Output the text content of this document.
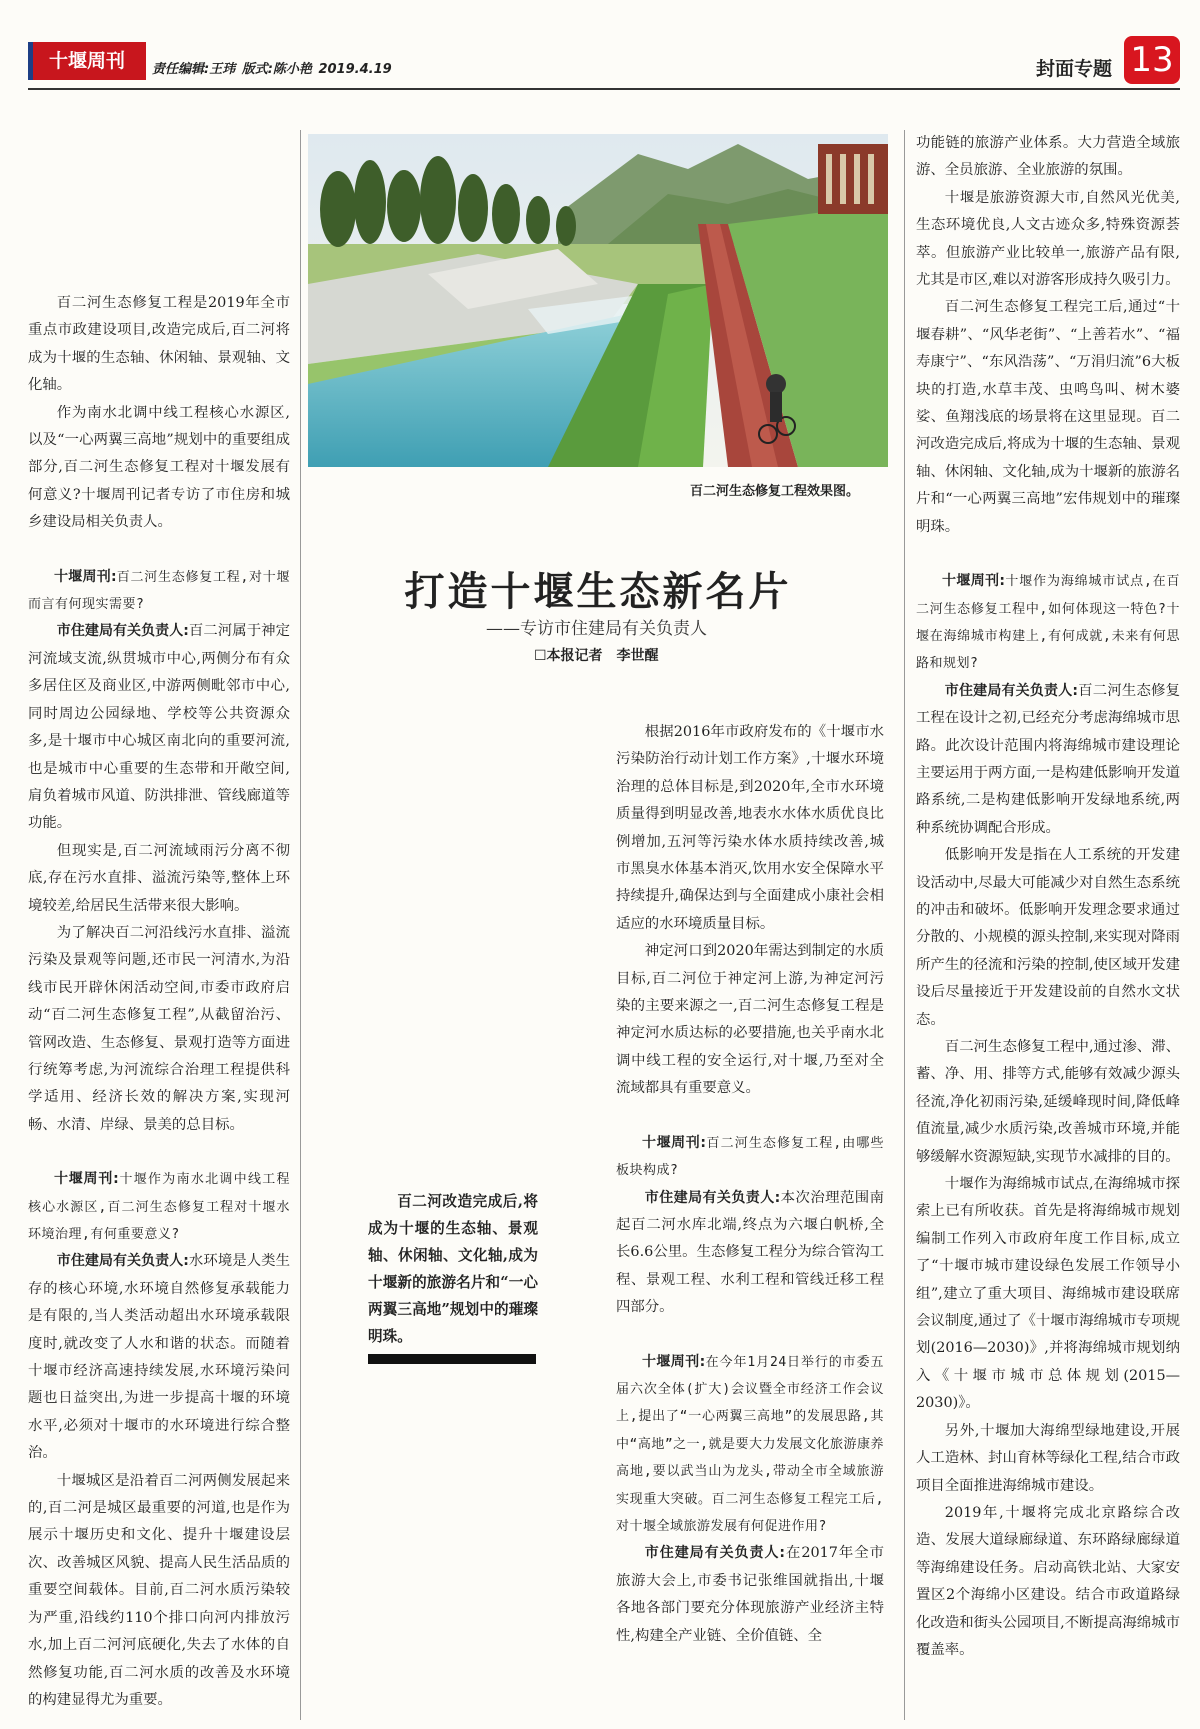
十堰周刊	责任编辑:王玮 版式:陈小艳 2019.4.19	封面专题 13

百二河生态修复工程是2019年全市重点市政建设项目,改造完成后,百二河将成为十堰的生态轴、休闲轴、景观轴、文化轴。

作为南水北调中线工程核心水源区,以及“一心两翼三高地”规划中的重要组成部分,百二河生态修复工程对十堰发展有何意义?十堰周刊记者专访了市住房和城乡建设局相关负责人。

十堰周刊:百二河生态修复工程,对十堰而言有何现实需要?

市住建局有关负责人:百二河属于神定河流域支流,纵贯城市中心,两侧分布有众多居住区及商业区,中游两侧毗邻市中心,同时周边公园绿地、学校等公共资源众多,是十堰市中心城区南北向的重要河流,也是城市中心重要的生态带和开敞空间,肩负着城市风道、防洪排泄、管线廊道等功能。

但现实是,百二河流域雨污分离不彻底,存在污水直排、溢流污染等,整体上环境较差,给居民生活带来很大影响。

为了解决百二河沿线污水直排、溢流污染及景观等问题,还市民一河清水,为沿线市民开辟休闲活动空间,市委市政府启动“百二河生态修复工程”,从截留治污、管网改造、生态修复、景观打造等方面进行统筹考虑,为河流综合治理工程提供科学适用、经济长效的解决方案,实现河畅、水清、岸绿、景美的总目标。

十堰周刊:十堰作为南水北调中线工程核心水源区,百二河生态修复工程对十堰水环境治理,有何重要意义?

市住建局有关负责人:水环境是人类生存的核心环境,水环境自然修复承载能力是有限的,当人类活动超出水环境承载限度时,就改变了人水和谐的状态。而随着十堰市经济高速持续发展,水环境污染问题也日益突出,为进一步提高十堰的环境水平,必须对十堰市的水环境进行综合整治。

十堰城区是沿着百二河两侧发展起来的,百二河是城区最重要的河道,也是作为展示十堰历史和文化、提升十堰建设层次、改善城区风貌、提高人民生活品质的重要空间载体。目前,百二河水质污染较为严重,沿线约110个排口向河内排放污水,加上百二河河底硬化,失去了水体的自然修复功能,百二河水质的改善及水环境的构建显得尤为重要。

百二河生态修复工程效果图。
打造十堰生态新名片
——专访市住建局有关负责人
☐本报记者　李世醒

百二河改造完成后,将成为十堰的生态轴、景观轴、休闲轴、文化轴,成为十堰新的旅游名片和“一心两翼三高地”规划中的璀璨明珠。

根据2016年市政府发布的《十堰市水污染防治行动计划工作方案》,十堰水环境治理的总体目标是,到2020年,全市水环境质量得到明显改善,地表水水体水质优良比例增加,五河等污染水体水质持续改善,城市黑臭水体基本消灭,饮用水安全保障水平持续提升,确保达到与全面建成小康社会相适应的水环境质量目标。

神定河口到2020年需达到制定的水质目标,百二河位于神定河上游,为神定河污染的主要来源之一,百二河生态修复工程是神定河水质达标的必要措施,也关乎南水北调中线工程的安全运行,对十堰,乃至对全流域都具有重要意义。

十堰周刊:百二河生态修复工程,由哪些板块构成?

市住建局有关负责人:本次治理范围南起百二河水库北端,终点为六堰白帆桥,全长6.6公里。生态修复工程分为综合管沟工程、景观工程、水利工程和管线迁移工程四部分。

十堰周刊:在今年1月24日举行的市委五届六次全体(扩大)会议暨全市经济工作会议上,提出了“一心两翼三高地”的发展思路,其中“高地”之一,就是要大力发展文化旅游康养高地,要以武当山为龙头,带动全市全域旅游实现重大突破。百二河生态修复工程完工后,对十堰全域旅游发展有何促进作用?

市住建局有关负责人:在2017年全市旅游大会上,市委书记张维国就指出,十堰各地各部门要充分体现旅游产业经济主特性,构建全产业链、全价值链、全

功能链的旅游产业体系。大力营造全域旅游、全员旅游、全业旅游的氛围。

十堰是旅游资源大市,自然风光优美,生态环境优良,人文古迹众多,特殊资源荟萃。但旅游产业比较单一,旅游产品有限,尤其是市区,难以对游客形成持久吸引力。

百二河生态修复工程完工后,通过“十堰春耕”、“风华老街”、“上善若水”、“福寿康宁”、“东风浩荡”、“万涓归流”6大板块的打造,水草丰茂、虫鸣鸟叫、树木婆娑、鱼翔浅底的场景将在这里显现。百二河改造完成后,将成为十堰的生态轴、景观轴、休闲轴、文化轴,成为十堰新的旅游名片和“一心两翼三高地”宏伟规划中的璀璨明珠。

十堰周刊:十堰作为海绵城市试点,在百二河生态修复工程中,如何体现这一特色?十堰在海绵城市构建上,有何成就,未来有何思路和规划?

市住建局有关负责人:百二河生态修复工程在设计之初,已经充分考虑海绵城市思路。此次设计范围内将海绵城市建设理论主要运用于两方面,一是构建低影响开发道路系统,二是构建低影响开发绿地系统,两种系统协调配合形成。

低影响开发是指在人工系统的开发建设活动中,尽最大可能减少对自然生态系统的冲击和破坏。低影响开发理念要求通过分散的、小规模的源头控制,来实现对降雨所产生的径流和污染的控制,使区域开发建设后尽量接近于开发建设前的自然水文状态。

百二河生态修复工程中,通过渗、滞、蓄、净、用、排等方式,能够有效减少源头径流,净化初雨污染,延缓峰现时间,降低峰值流量,减少水质污染,改善城市环境,并能够缓解水资源短缺,实现节水减排的目的。

十堰作为海绵城市试点,在海绵城市探索上已有所收获。首先是将海绵城市规划编制工作列入市政府年度工作目标,成立了“十堰市城市建设绿色发展工作领导小组”,建立了重大项目、海绵城市建设联席会议制度,通过了《十堰市海绵城市专项规划(2016—2030)》,并将海绵城市规划纳入《十堰市城市总体规划(2015—2030)》。

另外,十堰加大海绵型绿地建设,开展人工造林、封山育林等绿化工程,结合市政项目全面推进海绵城市建设。

2019年,十堰将完成北京路综合改造、发展大道绿廊绿道、东环路绿廊绿道等海绵建设任务。启动高铁北站、大家安置区2个海绵小区建设。结合市政道路绿化改造和街头公园项目,不断提高海绵城市覆盖率。
